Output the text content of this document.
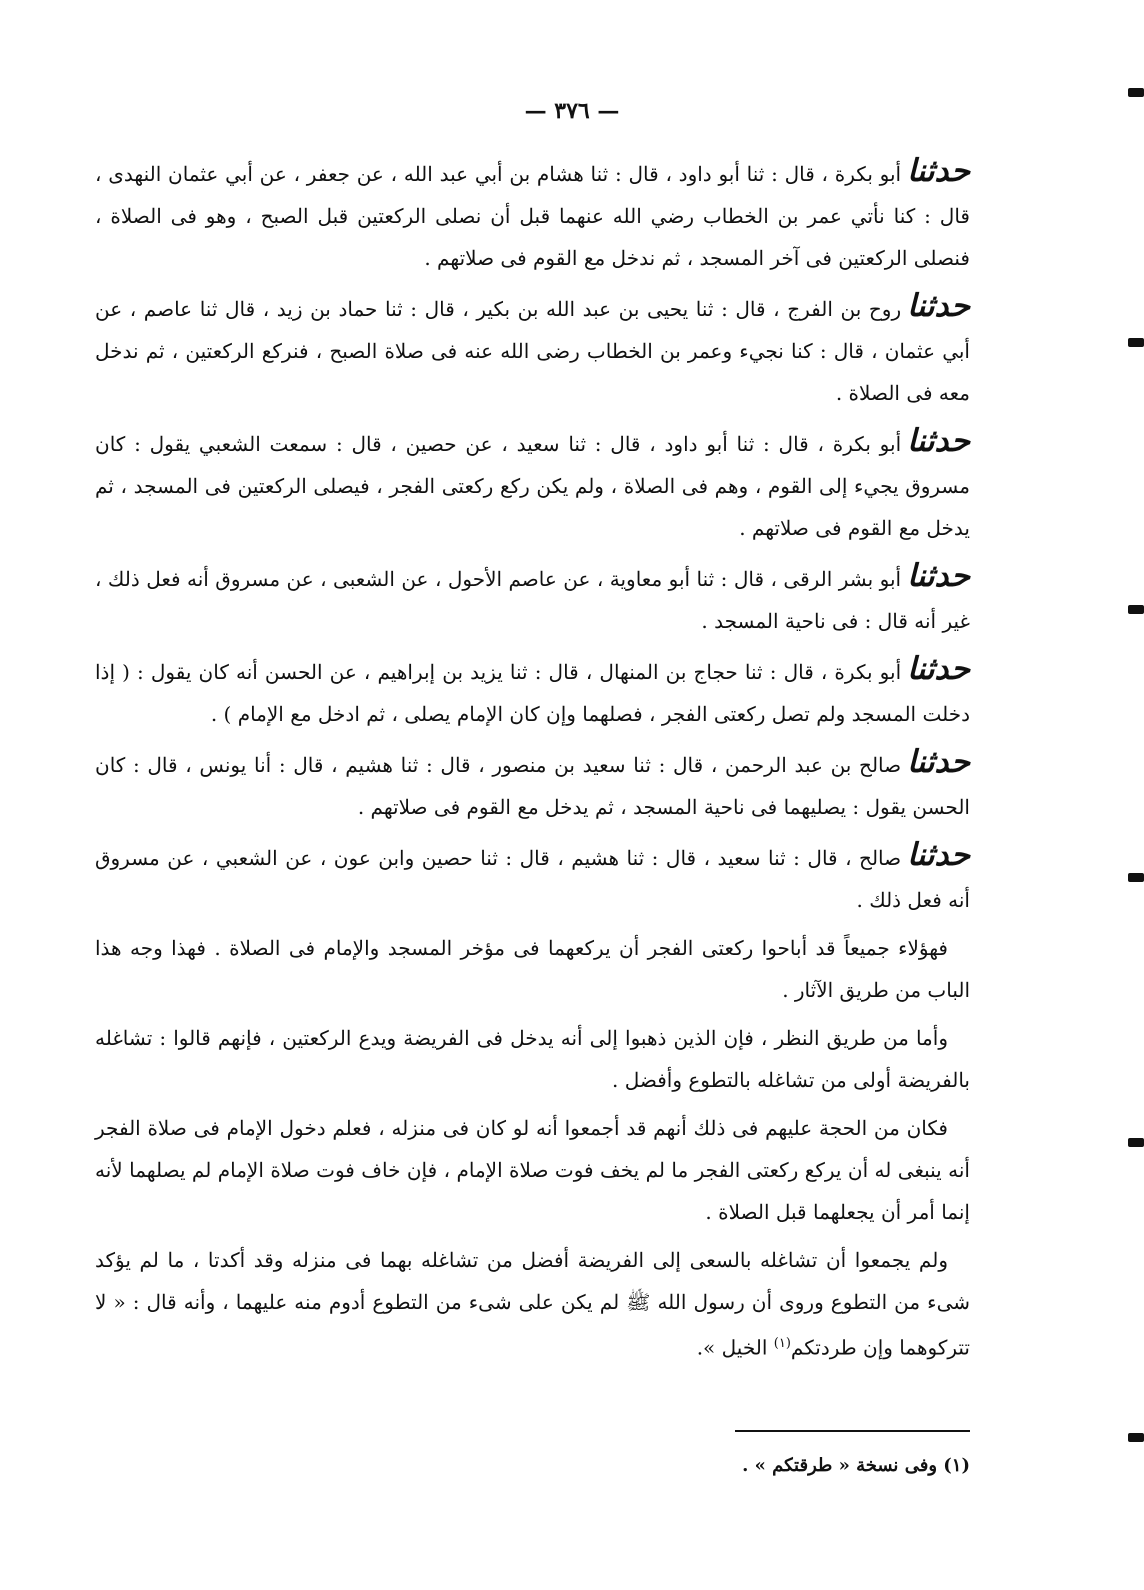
— ٣٧٦ —

حدثناأبو بكرة ، قال : ثنا أبو داود ، قال : ثنا هشام بن أبي عبد الله ، عن جعفر ، عن أبي عثمان النهدى ، قال : كنا نأتي عمر بن الخطاب رضي الله عنهما قبل أن نصلى الركعتين قبل الصبح ، وهو فى الصلاة ، فنصلى الركعتين فى آخر المسجد ، ثم ندخل مع القوم فى صلاتهم .

حدثناروح بن الفرج ، قال : ثنا يحيى بن عبد الله بن بكير ، قال : ثنا حماد بن زيد ، قال ثنا عاصم ، عن أبي عثمان ، قال : كنا نجيء وعمر بن الخطاب رضى الله عنه فى صلاة الصبح ، فنركع الركعتين ، ثم ندخل معه فى الصلاة .

حدثناأبو بكرة ، قال : ثنا أبو داود ، قال : ثنا سعيد ، عن حصين ، قال : سمعت الشعبي يقول : كان مسروق يجيء إلى القوم ، وهم فى الصلاة ، ولم يكن ركع ركعتى الفجر ، فيصلى الركعتين فى المسجد ، ثم يدخل مع القوم فى صلاتهم .

حدثناأبو بشر الرقى ، قال : ثنا أبو معاوية ، عن عاصم الأحول ، عن الشعبى ، عن مسروق أنه فعل ذلك ، غير أنه قال : فى ناحية المسجد .

حدثناأبو بكرة ، قال : ثنا حجاج بن المنهال ، قال : ثنا يزيد بن إبراهيم ، عن الحسن أنه كان يقول : ( إذا دخلت المسجد ولم تصل ركعتى الفجر ، فصلهما وإن كان الإمام يصلى ، ثم ادخل مع الإمام ) .

حدثناصالح بن عبد الرحمن ، قال : ثنا سعيد بن منصور ، قال : ثنا هشيم ، قال : أنا يونس ، قال : كان الحسن يقول : يصليهما فى ناحية المسجد ، ثم يدخل مع القوم فى صلاتهم .

حدثناصالح ، قال : ثنا سعيد ، قال : ثنا هشيم ، قال : ثنا حصين وابن عون ، عن الشعبي ، عن مسروق أنه فعل ذلك .

فهؤلاء جميعاً قد أباحوا ركعتى الفجر أن يركعهما فى مؤخر المسجد والإمام فى الصلاة . فهذا وجه هذا الباب من طريق الآثار .

وأما من طريق النظر ، فإن الذين ذهبوا إلى أنه يدخل فى الفريضة ويدع الركعتين ، فإنهم قالوا : تشاغله بالفريضة أولى من تشاغله بالتطوع وأفضل .

فكان من الحجة عليهم فى ذلك أنهم قد أجمعوا أنه لو كان فى منزله ، فعلم دخول الإمام فى صلاة الفجر أنه ينبغى له أن يركع ركعتى الفجر ما لم يخف فوت صلاة الإمام ، فإن خاف فوت صلاة الإمام لم يصلهما لأنه إنما أمر أن يجعلهما قبل الصلاة .

ولم يجمعوا أن تشاغله بالسعى إلى الفريضة أفضل من تشاغله بهما فى منزله وقد أكدتا ، ما لم يؤكد شىء من التطوع وروى أن رسول الله ﷺ لم يكن على شىء من التطوع أدوم منه عليهما ، وأنه قال : « لا تتركوهما وإن طردتكم$^{(١)}$ الخيل ».

(١) وفى نسخة « طرقتكم » .
